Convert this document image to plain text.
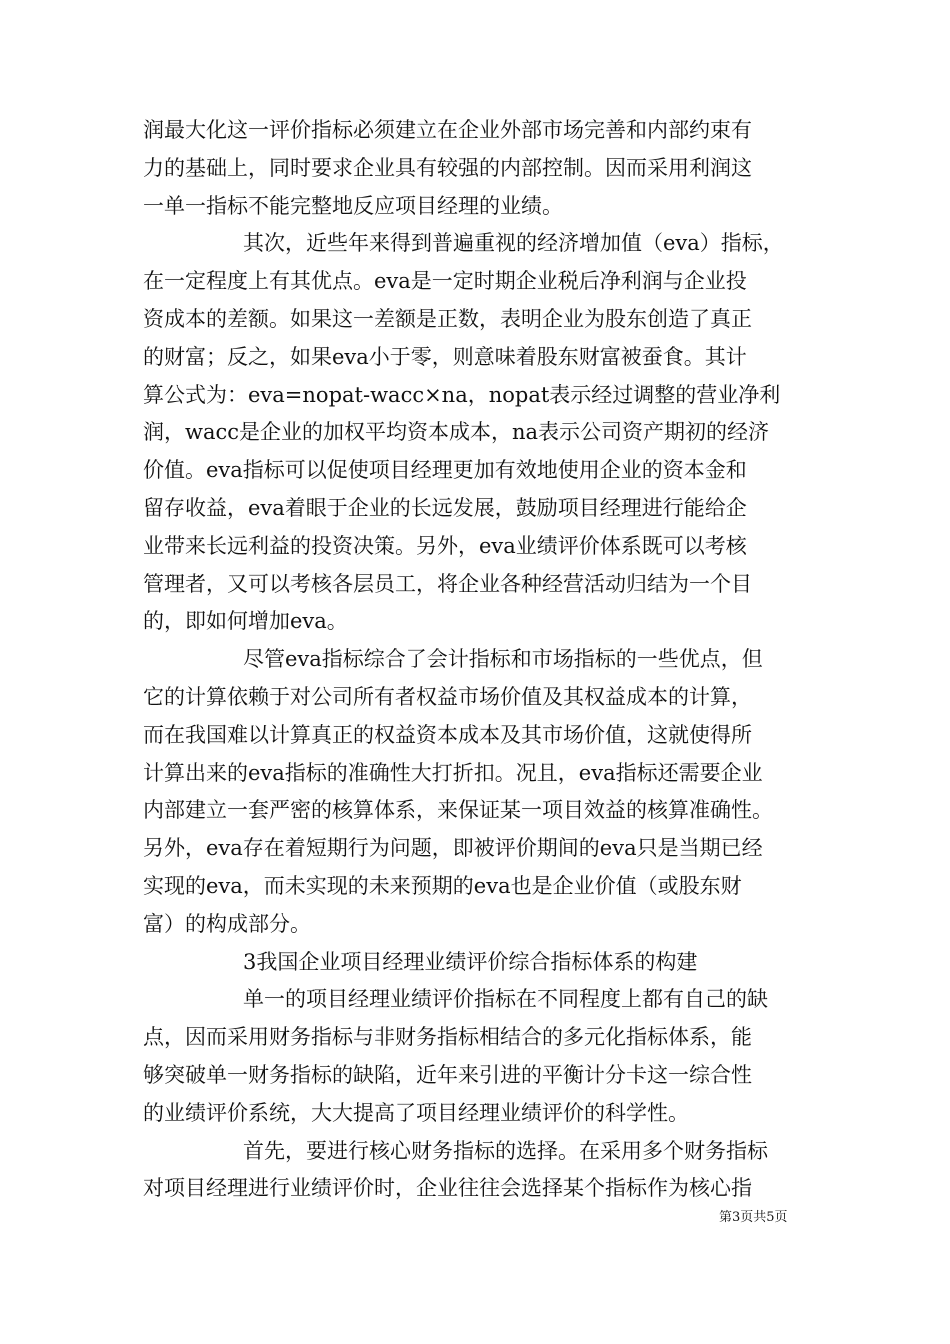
润最大化这一评价指标必须建立在企业外部市场完善和内部约束有
力的基础上，同时要求企业具有较强的内部控制。因而采用利润这
一单一指标不能完整地反应项目经理的业绩。
其次，近些年来得到普遍重视的经济增加值（eva）指标，
在一定程度上有其优点。eva是一定时期企业税后净利润与企业投
资成本的差额。如果这一差额是正数，表明企业为股东创造了真正
的财富；反之，如果eva小于零，则意味着股东财富被蚕食。其计
算公式为：eva=nopat-wacc×na，nopat表示经过调整的营业净利
润，wacc是企业的加权平均资本成本，na表示公司资产期初的经济
价值。eva指标可以促使项目经理更加有效地使用企业的资本金和
留存收益，eva着眼于企业的长远发展，鼓励项目经理进行能给企
业带来长远利益的投资决策。另外，eva业绩评价体系既可以考核
管理者，又可以考核各层员工，将企业各种经营活动归结为一个目
的，即如何增加eva。
尽管eva指标综合了会计指标和市场指标的一些优点，但
它的计算依赖于对公司所有者权益市场价值及其权益成本的计算，
而在我国难以计算真正的权益资本成本及其市场价值，这就使得所
计算出来的eva指标的准确性大打折扣。况且，eva指标还需要企业
内部建立一套严密的核算体系，来保证某一项目效益的核算准确性。
另外，eva存在着短期行为问题，即被评价期间的eva只是当期已经
实现的eva，而未实现的未来预期的eva也是企业价值（或股东财
富）的构成部分。
3我国企业项目经理业绩评价综合指标体系的构建
单一的项目经理业绩评价指标在不同程度上都有自己的缺
点，因而采用财务指标与非财务指标相结合的多元化指标体系，能
够突破单一财务指标的缺陷，近年来引进的平衡计分卡这一综合性
的业绩评价系统，大大提高了项目经理业绩评价的科学性。
首先，要进行核心财务指标的选择。在采用多个财务指标
对项目经理进行业绩评价时，企业往往会选择某个指标作为核心指
第3页共5页
